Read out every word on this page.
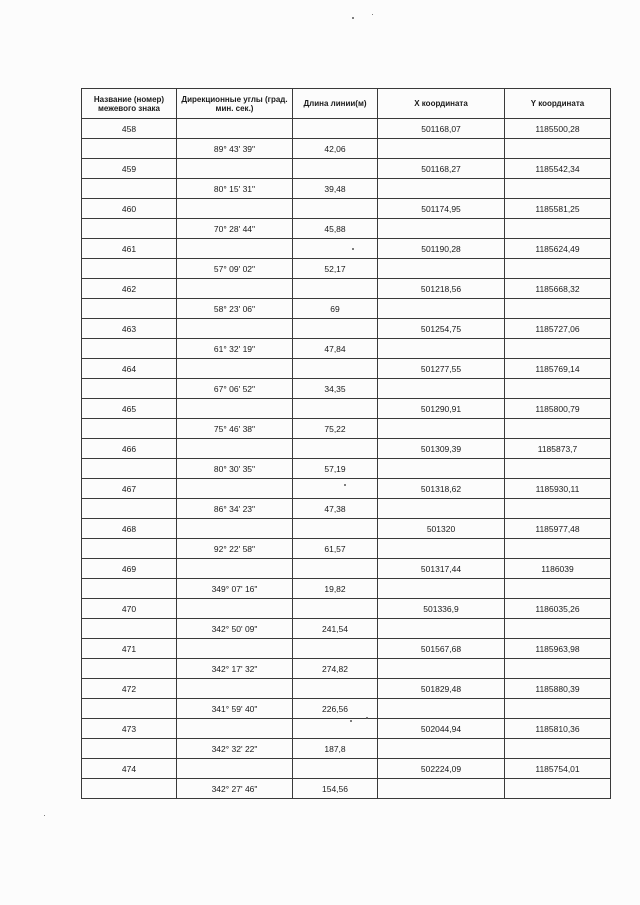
Название (номер) межевого знака	Дирекционные углы (град. мин. сек.)	Длина линии(м)	X координата	Y координата
458			501168,07	1185500,28
	89° 43' 39"	42,06		
459			501168,27	1185542,34
	80° 15' 31"	39,48		
460			501174,95	1185581,25
	70° 28' 44"	45,88		
461			501190,28	1185624,49
	57° 09' 02"	52,17		
462			501218,56	1185668,32
	58° 23' 06"	69		
463			501254,75	1185727,06
	61° 32' 19"	47,84		
464			501277,55	1185769,14
	67° 06' 52"	34,35		
465			501290,91	1185800,79
	75° 46' 38"	75,22		
466			501309,39	1185873,7
	80° 30' 35"	57,19		
467			501318,62	1185930,11
	86° 34' 23"	47,38		
468			501320	1185977,48
	92° 22' 58"	61,57		
469			501317,44	1186039
	349° 07' 16"	19,82		
470			501336,9	1186035,26
	342° 50' 09"	241,54		
471			501567,68	1185963,98
	342° 17' 32"	274,82		
472			501829,48	1185880,39
	341° 59' 40"	226,56		
473			502044,94	1185810,36
	342° 32' 22"	187,8		
474			502224,09	1185754,01
	342° 27' 46"	154,56		
